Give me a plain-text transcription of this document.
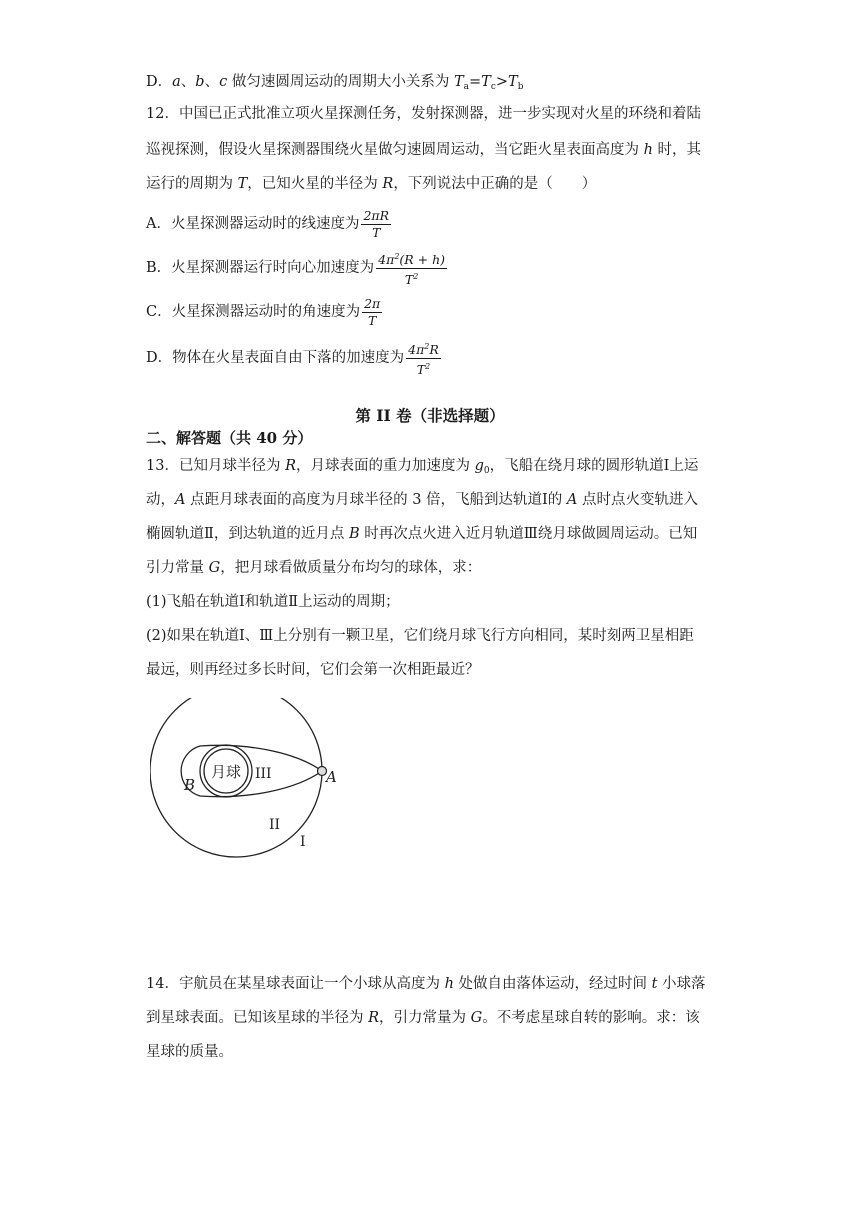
D．a、b、c 做匀速圆周运动的周期大小关系为 $T_a=T_c>T_b$
12．中国已正式批准立项火星探测任务，发射探测器，进一步实现对火星的环绕和着陆
巡视探测，假设火星探测器围绕火星做匀速圆周运动，当它距火星表面高度为 h 时，其
运行的周期为 T，已知火星的半径为 R，下列说法中正确的是（　　）
A．火星探测器运动时的线速度为 $\frac{2\pi R}{T}$
B．火星探测器运行时向心加速度为 $\frac{4\pi^2(R + h)}{T^2}$
C．火星探测器运动时的角速度为 $\frac{2\pi}{T}$
D．物体在火星表面自由下落的加速度为 $\frac{4\pi^2R}{T^2}$
第 II 卷（非选择题）
二、解答题（共 40 分）
13．已知月球半径为 R，月球表面的重力加速度为 $g_0$，飞船在绕月球的圆形轨道Ⅰ上运
动，A 点距月球表面的高度为月球半径的 3 倍，飞船到达轨道Ⅰ的 A 点时点火变轨进入
椭圆轨道Ⅱ，到达轨道的近月点 B 时再次点火进入近月轨道Ⅲ绕月球做圆周运动。已知
引力常量 G，把月球看做质量分布均匀的球体，求：
(1)飞船在轨道Ⅰ和轨道Ⅱ上运动的周期；
(2)如果在轨道Ⅰ、Ⅲ上分别有一颗卫星，它们绕月球飞行方向相同，某时刻两卫星相距
最远，则再经过多长时间，它们会第一次相距最近？
月球
B	A
III
II
I
14．宇航员在某星球表面让一个小球从高度为 h 处做自由落体运动，经过时间 t 小球落
到星球表面。已知该星球的半径为 R，引力常量为 G。不考虑星球自转的影响。求：该
星球的质量。
